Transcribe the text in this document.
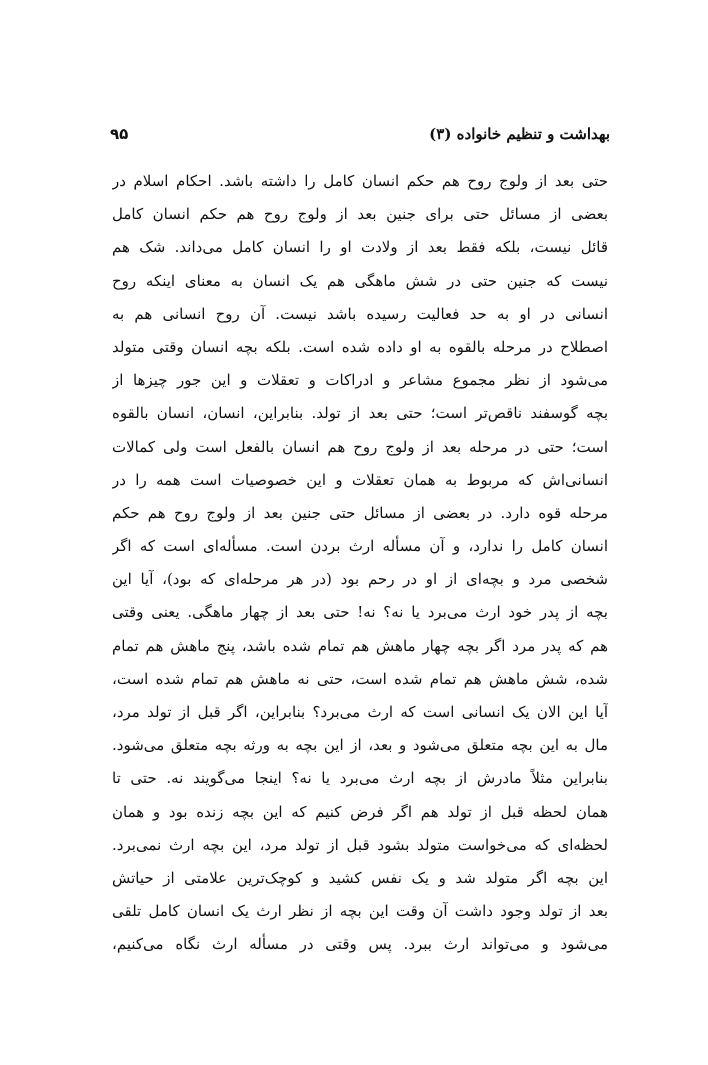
بهداشت و تنظیم خانواده (۳)
۹۵
حتی بعد از ولوج روح هم حکم انسان کامل را داشته باشد. احکام اسلام در
بعضی از مسائل حتی برای جنین بعد از ولوج روح هم حکم انسان کامل
قائل نیست، بلکه فقط بعد از ولادت او را انسان کامل می‌داند. شک هم
نیست که جنین حتی در شش ماهگی هم یک انسان به معنای اینکه روح
انسانی در او به حد فعالیت رسیده باشد نیست. آن روح انسانی هم به
اصطلاح در مرحله بالقوه به او داده شده است. بلکه بچه انسان وقتی متولد
می‌شود از نظر مجموع مشاعر و ادراکات و تعقلات و این جور چیزها از
بچه گوسفند ناقص‌تر است؛ حتی بعد از تولد. بنابراین، انسان، انسان بالقوه
است؛ حتی در مرحله بعد از ولوج روح هم انسان بالفعل است ولی کمالات
انسانی‌اش که مربوط به همان تعقلات و این خصوصیات است همه را در
مرحله قوه دارد. در بعضی از مسائل حتی جنین بعد از ولوج روح هم حکم
انسان کامل را ندارد، و آن مسأله ارث بردن است. مسأله‌ای است که اگر
شخصی مرد و بچه‌ای از او در رحم بود (در هر مرحله‌ای که بود)، آیا این
بچه از پدر خود ارث می‌برد یا نه؟ نه! حتی بعد از چهار ماهگی. یعنی وقتی
هم که پدر مرد اگر بچه چهار ماهش هم تمام شده باشد، پنج ماهش هم تمام
شده، شش ماهش هم تمام شده است، حتی نه ماهش هم تمام شده است،
آیا این الان یک انسانی است که ارث می‌برد؟ بنابراین، اگر قبل از تولد مرد،
مال به این بچه متعلق می‌شود و بعد، از این بچه به ورثه بچه متعلق می‌شود.
بنابراین مثلاً مادرش از بچه ارث می‌برد یا نه؟ اینجا می‌گویند نه. حتی تا
همان لحظه قبل از تولد هم اگر فرض کنیم که این بچه زنده بود و همان
لحظه‌ای که می‌خواست متولد بشود قبل از تولد مرد، این بچه ارث نمی‌برد.
این بچه اگر متولد شد و یک نفس کشید و کوچک‌ترین علامتی از حیاتش
بعد از تولد وجود داشت آن وقت این بچه از نظر ارث یک انسان کامل تلقی
می‌شود و می‌تواند ارث ببرد. پس وقتی در مسأله ارث نگاه می‌کنیم،
